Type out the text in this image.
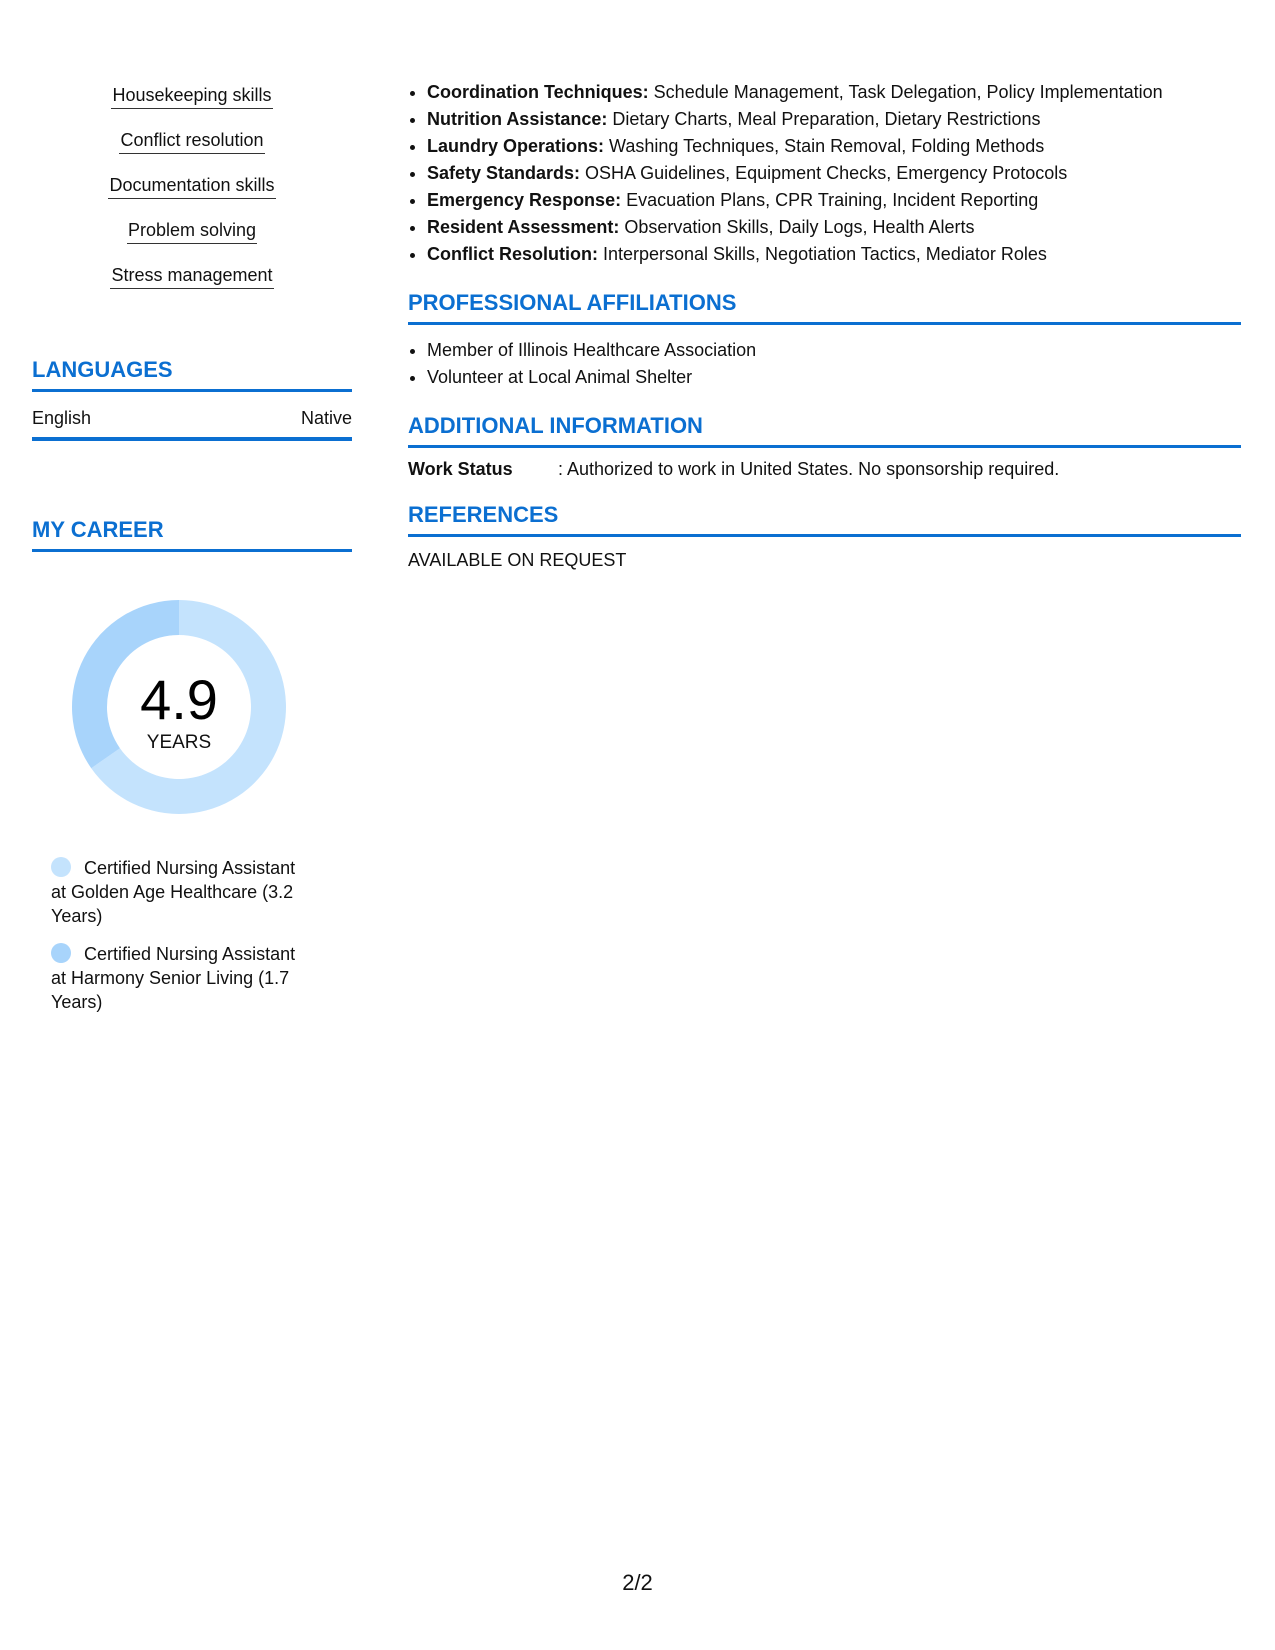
Housekeeping skills
Conflict resolution
Documentation skills
Problem solving
Stress management
LANGUAGES
English	Native
MY CAREER
4.9
YEARS
Certified Nursing Assistant at Golden Age Healthcare (3.2 Years)
Certified Nursing Assistant at Harmony Senior Living (1.7 Years)
• Coordination Techniques: Schedule Management, Task Delegation, Policy Implementation
• Nutrition Assistance: Dietary Charts, Meal Preparation, Dietary Restrictions
• Laundry Operations: Washing Techniques, Stain Removal, Folding Methods
• Safety Standards: OSHA Guidelines, Equipment Checks, Emergency Protocols
• Emergency Response: Evacuation Plans, CPR Training, Incident Reporting
• Resident Assessment: Observation Skills, Daily Logs, Health Alerts
• Conflict Resolution: Interpersonal Skills, Negotiation Tactics, Mediator Roles
PROFESSIONAL AFFILIATIONS
• Member of Illinois Healthcare Association
• Volunteer at Local Animal Shelter
ADDITIONAL INFORMATION
Work Status	: Authorized to work in United States. No sponsorship required.
REFERENCES
AVAILABLE ON REQUEST
2/2
